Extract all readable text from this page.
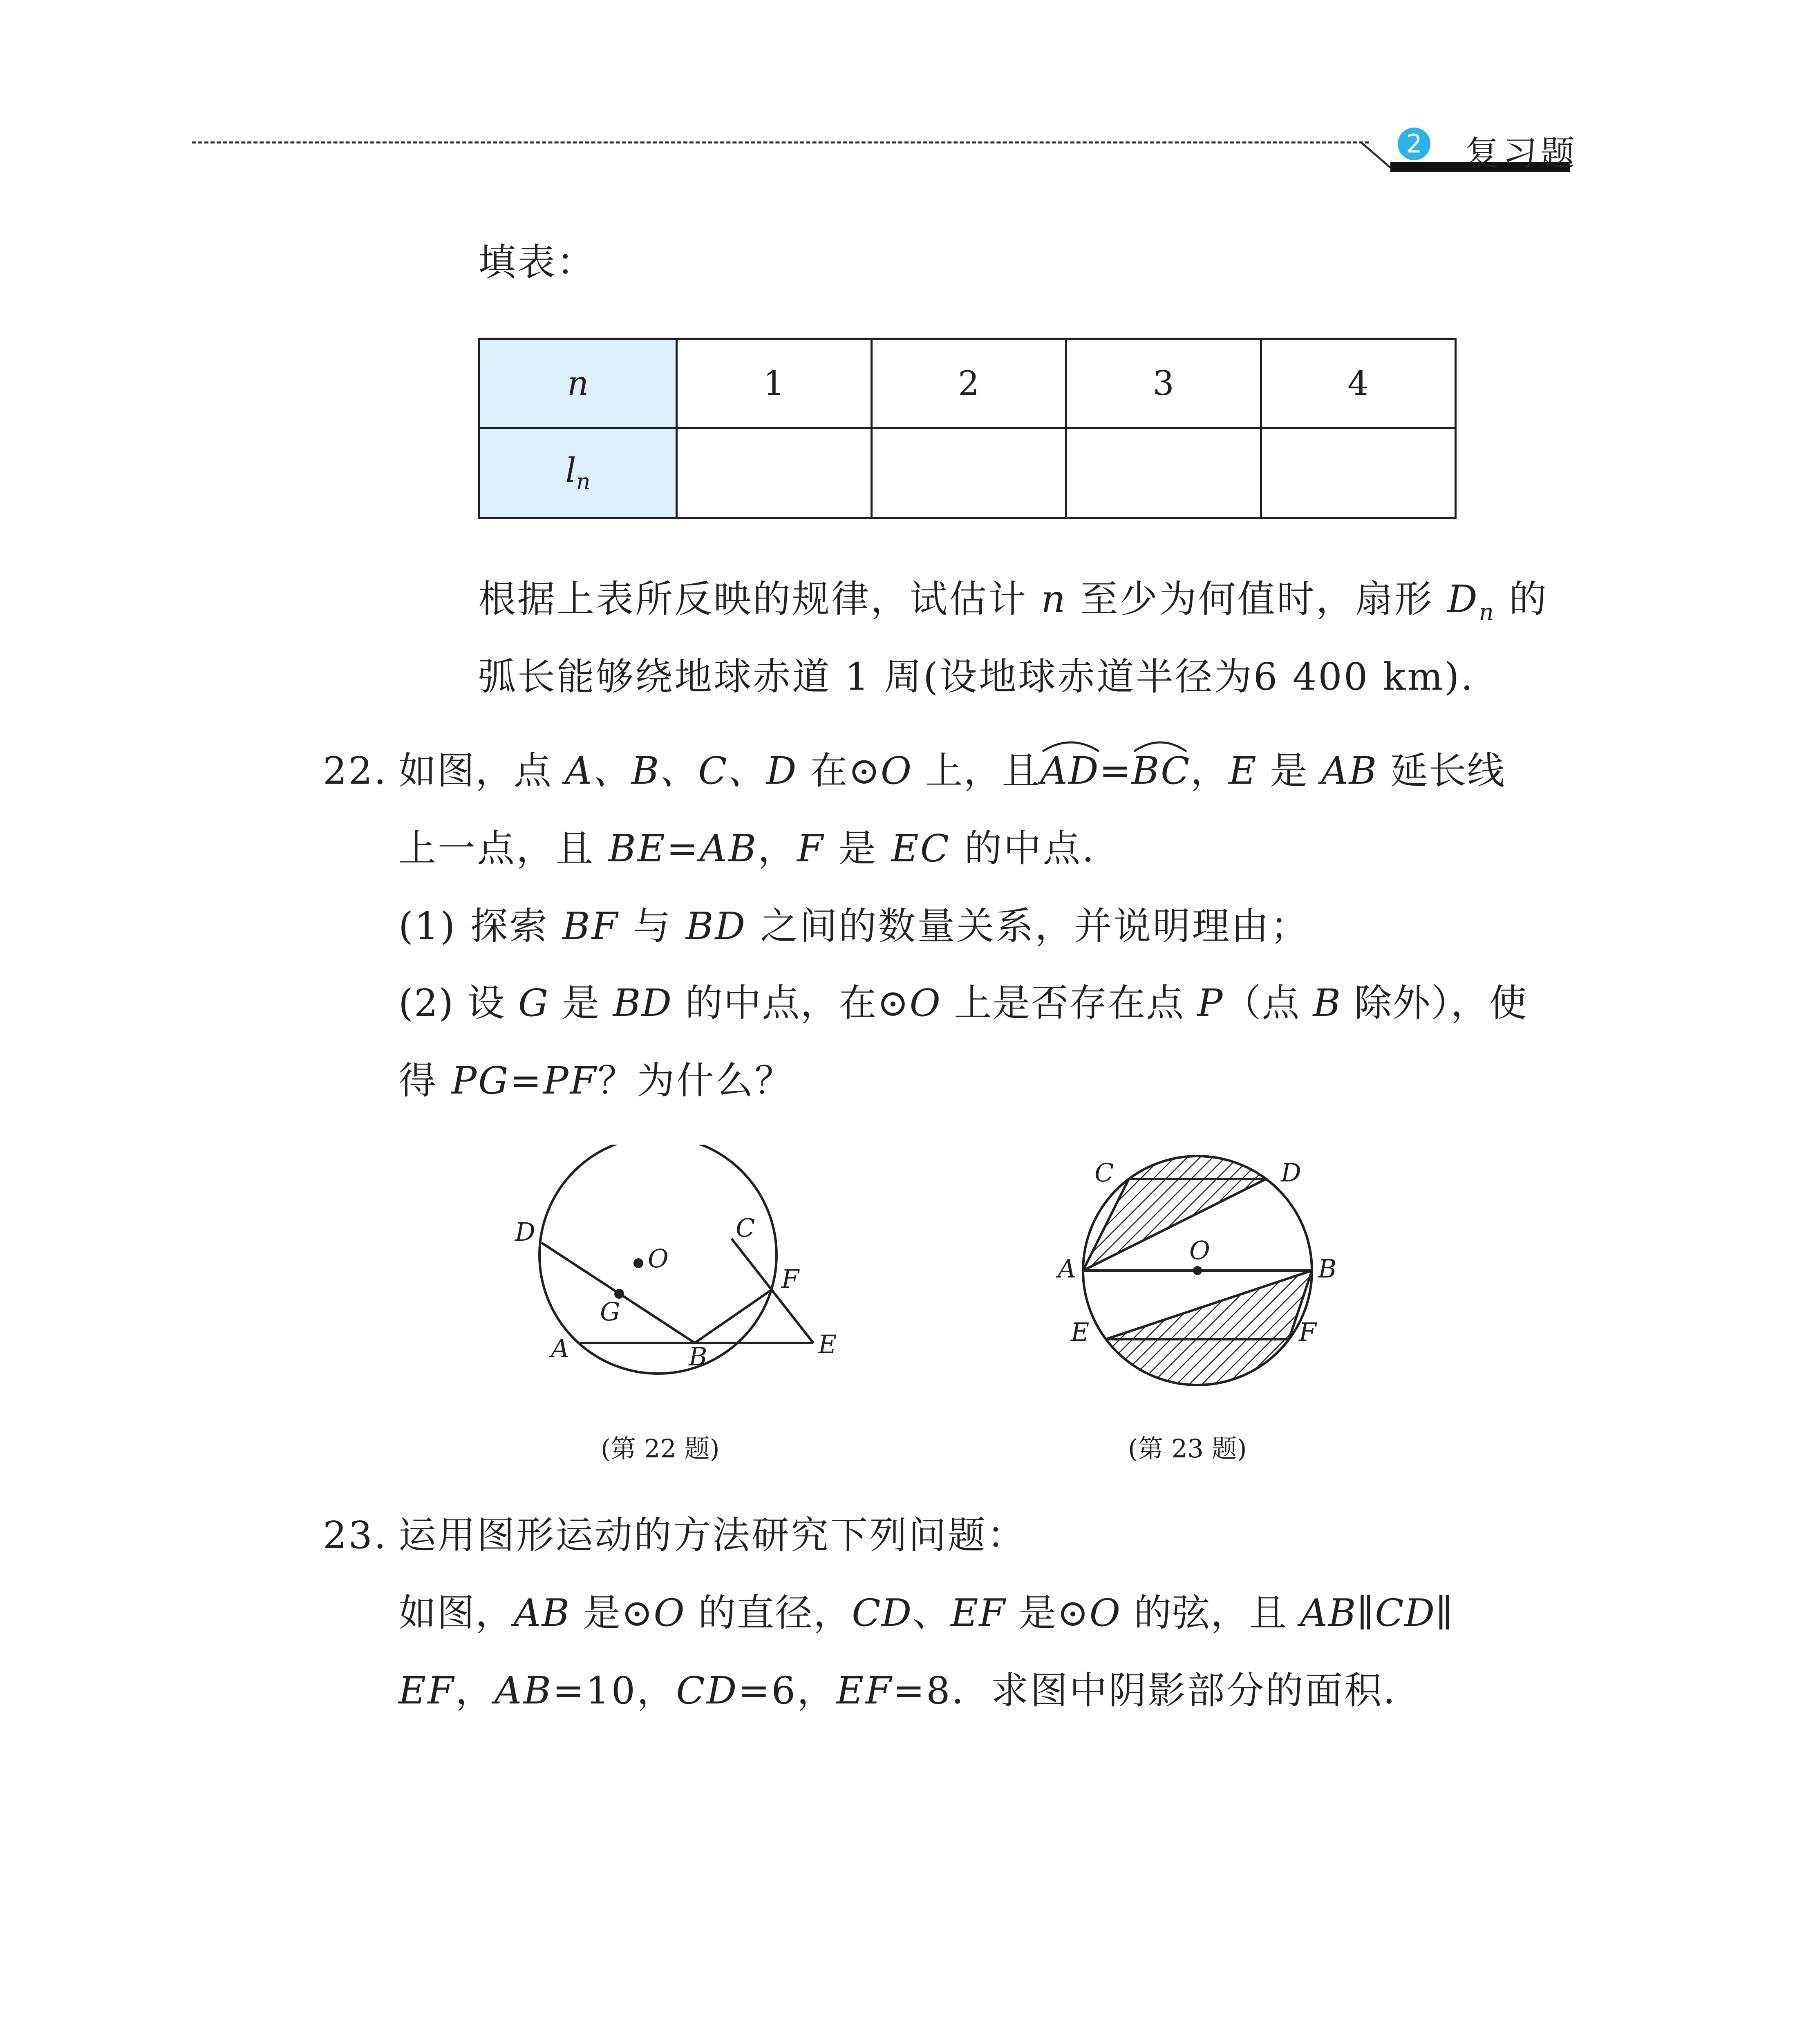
2 复习题
填表：
n	1	2	3	4
$l_n$				
根据上表所反映的规律，试估计 n 至少为何值时，扇形 $D_n$ 的
弧长能够绕地球赤道 1 周(设地球赤道半径为6 400 km).
22. 如图，点 A、B、C、D 在⊙O 上，且
AD=
BC，E 是 AB 延长线
上一点，且 BE=AB，F 是 EC 的中点.
(1) 探索 BF 与 BD 之间的数量关系，并说明理由；
(2) 设 G 是 BD 的中点，在⊙O 上是否存在点 P（点 B 除外），使
得 PG=PF？为什么？
D
O
C
F
G
A	B	E
(第 22 题)
C	D
A
O
B
E	F
(第 23 题)
23. 运用图形运动的方法研究下列问题：
如图，AB 是⊙O 的直径，CD、EF 是⊙O 的弦，且 AB∥CD∥
EF，AB=10，CD=6，EF=8．求图中阴影部分的面积．
